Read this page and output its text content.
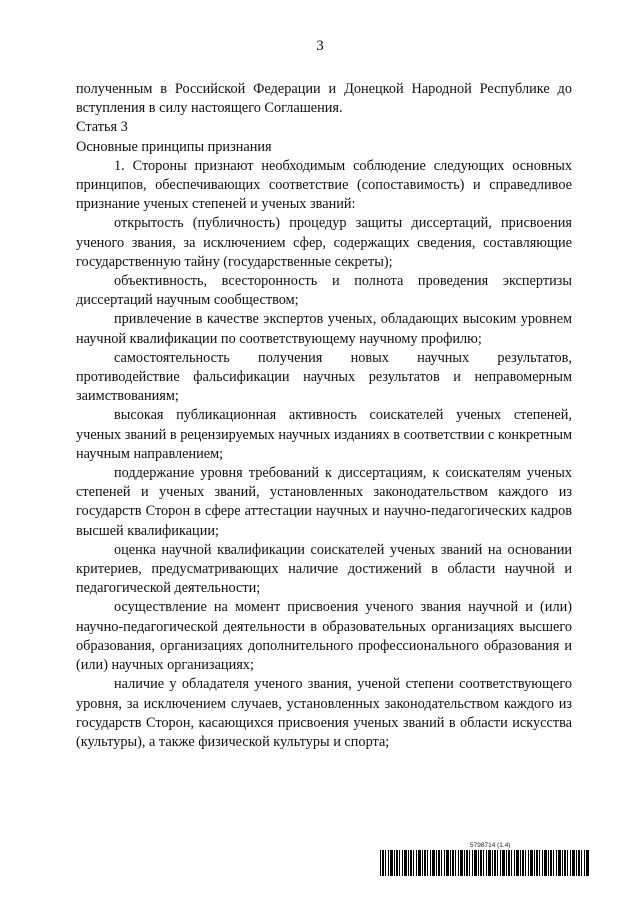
3

полученным в Российской Федерации и Донецкой Народной Республике до вступления в силу настоящего Соглашения.

Статья 3

Основные принципы признания

1. Стороны признают необходимым соблюдение следующих основных принципов, обеспечивающих соответствие (сопоставимость) и справедливое признание ученых степеней и ученых званий:

открытость (публичность) процедур защиты диссертаций, присвоения ученого звания, за исключением сфер, содержащих сведения, составляющие государственную тайну (государственные секреты);

объективность, всесторонность и полнота проведения экспертизы диссертаций научным сообществом;

привлечение в качестве экспертов ученых, обладающих высоким уровнем научной квалификации по соответствующему научному профилю;

самостоятельность получения новых научных результатов, противодействие фальсификации научных результатов и неправомерным заимствованиям;

высокая публикационная активность соискателей ученых степеней, ученых званий в рецензируемых научных изданиях в соответствии с конкретным научным направлением;

поддержание уровня требований к диссертациям, к соискателям ученых степеней и ученых званий, установленных законодательством каждого из государств Сторон в сфере аттестации научных и научно-педагогических кадров высшей квалификации;

оценка научной квалификации соискателей ученых званий на основании критериев, предусматривающих наличие достижений в области научной и педагогической деятельности;

осуществление на момент присвоения ученого звания научной и (или) научно-педагогической деятельности в образовательных организациях высшего образования, организациях дополнительного профессионального образования и (или) научных организациях;

наличие у обладателя ученого звания, ученой степени соответствующего уровня, за исключением случаев, установленных законодательством каждого из государств Сторон, касающихся присвоения ученых званий в области искусства (культуры), а также физической культуры и спорта;

5798714 (1.4)
